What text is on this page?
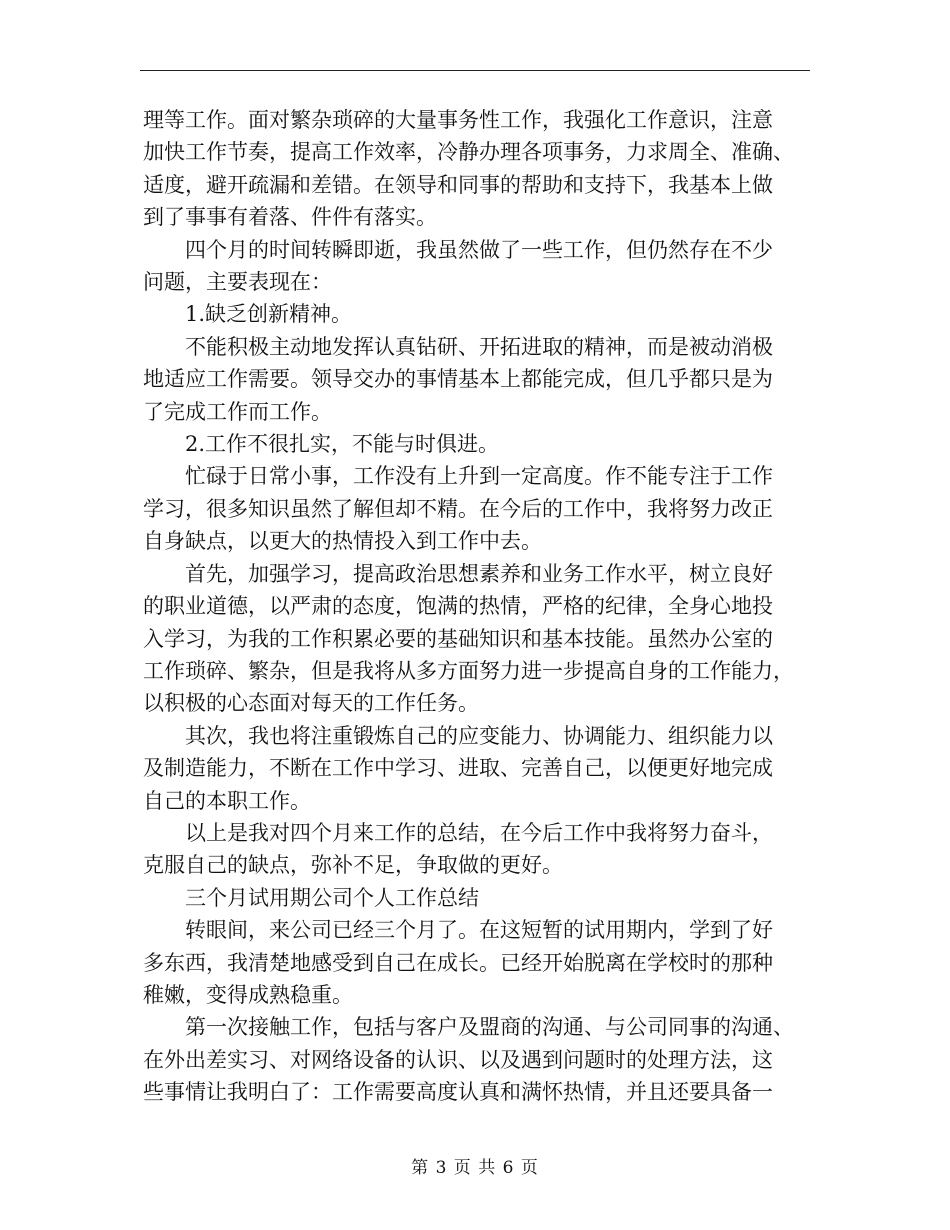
理等工作。面对繁杂琐碎的大量事务性工作，我强化工作意识，注意
加快工作节奏，提高工作效率，冷静办理各项事务，力求周全、准确、
适度，避开疏漏和差错。在领导和同事的帮助和支持下，我基本上做
到了事事有着落、件件有落实。
四个月的时间转瞬即逝，我虽然做了一些工作，但仍然存在不少
问题，主要表现在：
1.缺乏创新精神。
不能积极主动地发挥认真钻研、开拓进取的精神，而是被动消极
地适应工作需要。领导交办的事情基本上都能完成，但几乎都只是为
了完成工作而工作。
2.工作不很扎实，不能与时俱进。
忙碌于日常小事，工作没有上升到一定高度。作不能专注于工作
学习，很多知识虽然了解但却不精。在今后的工作中，我将努力改正
自身缺点，以更大的热情投入到工作中去。
首先，加强学习，提高政治思想素养和业务工作水平，树立良好
的职业道德，以严肃的态度，饱满的热情，严格的纪律，全身心地投
入学习，为我的工作积累必要的基础知识和基本技能。虽然办公室的
工作琐碎、繁杂，但是我将从多方面努力进一步提高自身的工作能力，
以积极的心态面对每天的工作任务。
其次，我也将注重锻炼自己的应变能力、协调能力、组织能力以
及制造能力，不断在工作中学习、进取、完善自己，以便更好地完成
自己的本职工作。
以上是我对四个月来工作的总结，在今后工作中我将努力奋斗，
克服自己的缺点，弥补不足，争取做的更好。
三个月试用期公司个人工作总结
转眼间，来公司已经三个月了。在这短暂的试用期内，学到了好
多东西，我清楚地感受到自己在成长。已经开始脱离在学校时的那种
稚嫩，变得成熟稳重。
第一次接触工作，包括与客户及盟商的沟通、与公司同事的沟通、
在外出差实习、对网络设备的认识、以及遇到问题时的处理方法，这
些事情让我明白了：工作需要高度认真和满怀热情，并且还要具备一
第 3 页 共 6 页
